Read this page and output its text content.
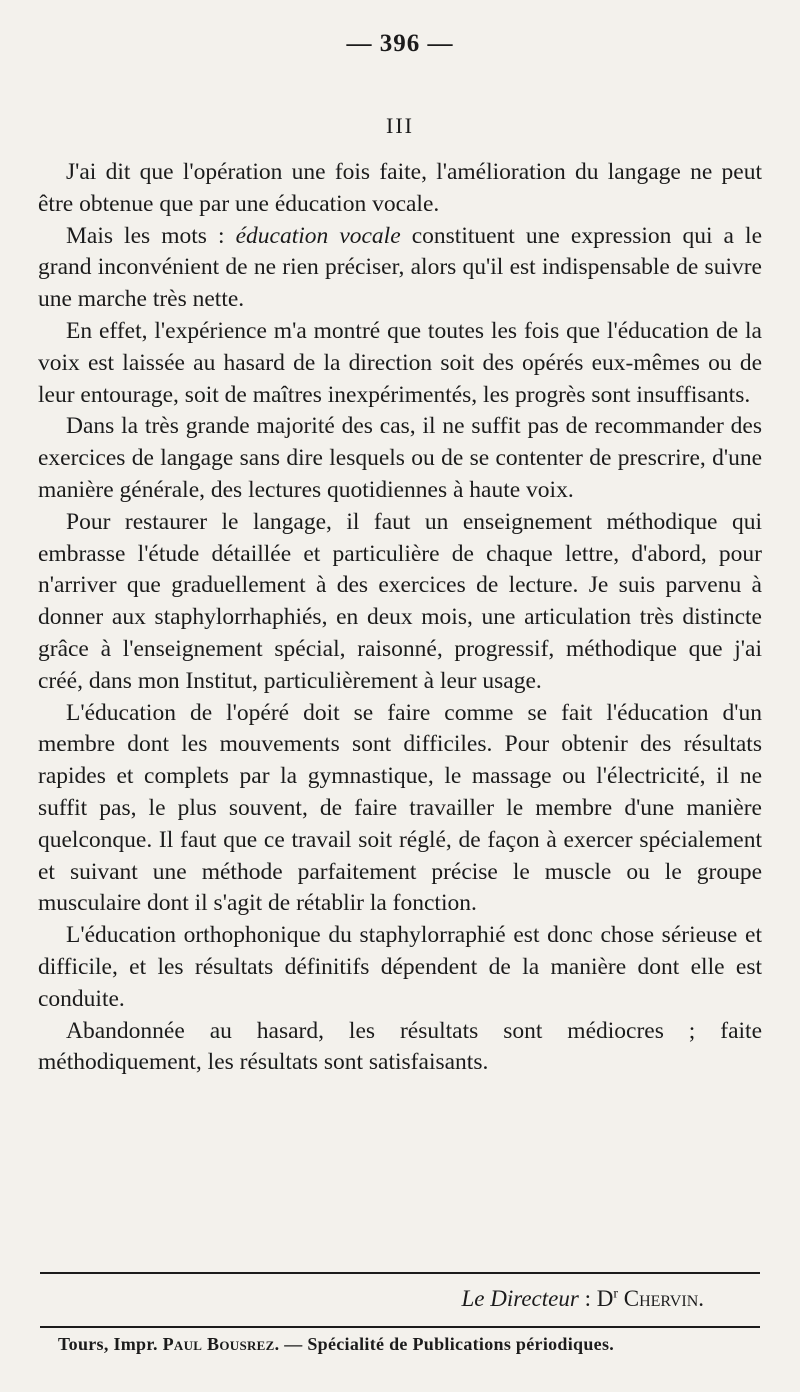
— 396 —
III

J'ai dit que l'opération une fois faite, l'amélioration du langage ne peut être obtenue que par une éducation vocale.

Mais les mots : éducation vocale constituent une expression qui a le grand inconvénient de ne rien préciser, alors qu'il est indispensable de suivre une marche très nette.

En effet, l'expérience m'a montré que toutes les fois que l'éducation de la voix est laissée au hasard de la direction soit des opérés eux-mêmes ou de leur entourage, soit de maîtres inexpérimentés, les progrès sont insuffisants.

Dans la très grande majorité des cas, il ne suffit pas de recommander des exercices de langage sans dire lesquels ou de se contenter de prescrire, d'une manière générale, des lectures quotidiennes à haute voix.

Pour restaurer le langage, il faut un enseignement méthodique qui embrasse l'étude détaillée et particulière de chaque lettre, d'abord, pour n'arriver que graduellement à des exercices de lecture. Je suis parvenu à donner aux staphylorrhaphiés, en deux mois, une articulation très distincte grâce à l'enseignement spécial, raisonné, progressif, méthodique que j'ai créé, dans mon Institut, particulièrement à leur usage.

L'éducation de l'opéré doit se faire comme se fait l'éducation d'un membre dont les mouvements sont difficiles. Pour obtenir des résultats rapides et complets par la gymnastique, le massage ou l'électricité, il ne suffit pas, le plus souvent, de faire travailler le membre d'une manière quelconque. Il faut que ce travail soit réglé, de façon à exercer spécialement et suivant une méthode parfaitement précise le muscle ou le groupe musculaire dont il s'agit de rétablir la fonction.

L'éducation orthophonique du staphylorraphié est donc chose sérieuse et difficile, et les résultats définitifs dépendent de la manière dont elle est conduite.

Abandonnée au hasard, les résultats sont médiocres ; faite méthodiquement, les résultats sont satisfaisants.

Le Directeur : $D^r$ Chervin.
Tours, Impr. Paul Bousrez. — Spécialité de Publications périodiques.
